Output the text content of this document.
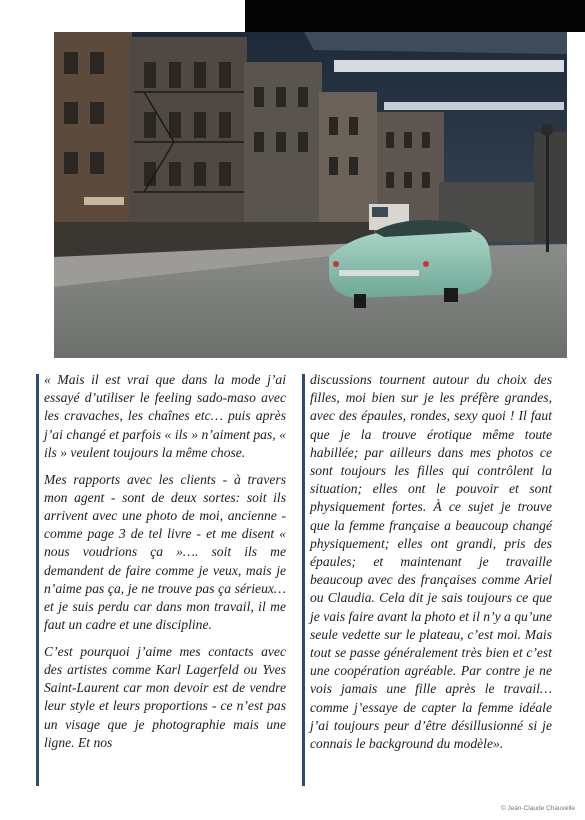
« Mais il est vrai que dans la mode j’ai essayé d’utiliser le feeling sado-maso avec les cravaches, les chaînes etc… puis après j’ai changé et parfois « ils » n’aiment pas, « ils » veulent toujours la même chose.

Mes rapports avec les clients - à travers mon agent - sont de deux sortes: soit ils arrivent avec une photo de moi, ancienne - comme page 3 de tel livre - et me disent « nous voudrions ça »…. soit ils me demandent de faire comme je veux, mais je n’aime pas ça, je ne trouve pas ça sérieux…et je suis perdu car dans mon travail, il me faut un cadre et une discipline.

C’est pourquoi j’aime mes contacts avec des artistes comme Karl Lagerfeld ou Yves Saint-Laurent car mon devoir est de vendre leur style et leurs proportions - ce n’est pas un visage que je photographie mais une ligne. Et nos

discussions tournent autour du choix des filles, moi bien sur je les préfère grandes, avec des épaules, rondes, sexy quoi ! Il faut que je la trouve érotique même toute habillée; par ailleurs dans mes photos ce sont toujours les filles qui contrôlent la situation; elles ont le pouvoir et sont physiquement fortes. À ce sujet je trouve que la femme française a beaucoup changé physiquement; elles ont grandi, pris des épaules; et maintenant je travaille beaucoup avec des françaises comme Ariel ou Claudia. Cela dit je sais toujours ce que je vais faire avant la photo et il n’y a qu’une seule vedette sur le plateau, c’est moi. Mais tout se passe généralement très bien et c’est une coopération agréable. Par contre je ne vois jamais une fille après le travail… comme j’essaye de capter la femme idéale j’ai toujours peur d’être désillusionné si je connais le background du modèle».

© Jean-Claude Chauvelle
